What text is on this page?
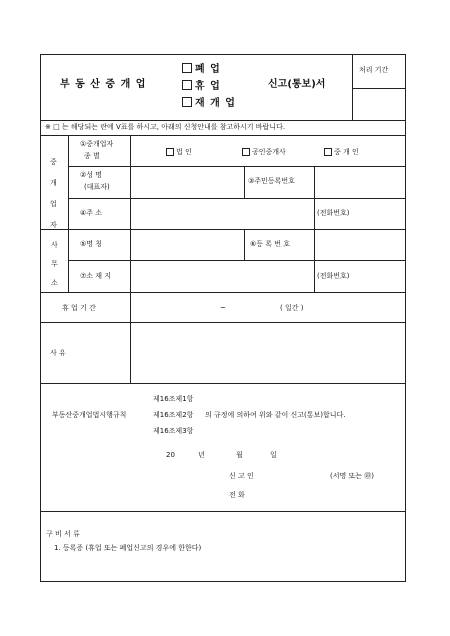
부 동 산 중 개 업
폐 업
휴 업
재 개 업
신고(통보)서
처리 기간
※ □ 는 해당되는 란에 V표를 하시고, 아래의 신청안내를 참고하시기 바랍니다.
중
개
업
자
①중개업자
종 별	법 인	공인중개사	중 개 인
②성 명
(대표자)
③주민등록번호
④주 소	(전화번호)
사
무
소
⑤명 칭	⑥등 록 번 호
⑦소 재 지	(전화번호)
휴 업 기 간	~	( 일간 )
사 유
부동산중개업법시행규칙
제16조제1항
제16조제2항
제16조제3항
의 규정에 의하여 위와 같이 신고(통보)합니다.
20	년	월	일
신 고 인	(서명 또는 ㊞)
전 화
구 비 서 류
1. 등록증 (휴업 또는 폐업신고의 경우에 한한다)
